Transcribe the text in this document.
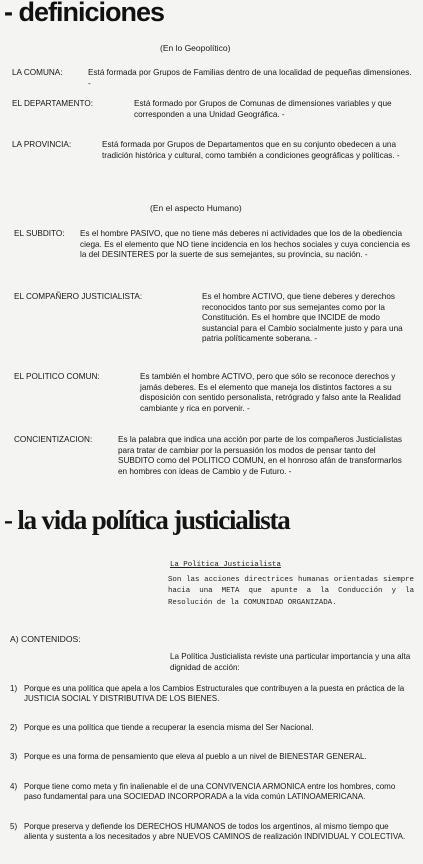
- definiciones
(En lo Geopolítico)
LA COMUNA:	Está formada por Grupos de Familias dentro de una localidad de pequeñas dimensiones. -
EL DEPARTAMENTO:	Está formado por Grupos de Comunas de dimensiones variables y que corresponden a una Unidad Geográfica. -
LA PROVINCIA:	Está formada por Grupos de Departamentos que en su conjunto obedecen a una tradición histórica y cultural, como también a condiciones geográficas y políticas. -
(En el aspecto Humano)
EL SUBDITO: Es el hombre PASIVO, que no tiene más deberes ni actividades que los de la obediencia ciega. Es el elemento que NO tiene incidencia en los hechos sociales y cuya conciencia es la del DESINTERES por la suerte de sus semejantes, su provincia, su nación. -
EL COMPAÑERO JUSTICIALISTA:	Es el hombre ACTIVO, que tiene deberes y derechos reconocidos tanto por sus semejantes como por la Constitución. Es el hombre que INCIDE de modo sustancial para el Cambio socialmente justo y para una patria políticamente soberana. -
EL POLITICO COMUN:	Es también el hombre ACTIVO, pero que sólo se reconoce derechos y jamás deberes. Es el elemento que maneja los distintos factores a su disposición con sentido personalista, retrógrado y falso ante la Realidad cambiante y rica en porvenir. -
CONCIENTIZACION:	Es la palabra que indica una acción por parte de los compañeros Justicialistas para tratar de cambiar por la persuasión los modos de pensar tanto del SUBDITO como del POLITICO COMUN, en el honroso afán de transformarlos en hombres con ideas de Cambio y de Futuro. -
- la vida política justicialista
La Política Justicialista
Son las acciones directrices humanas orientadas siempre hacia una META que apunte a la Conducción y la Resolución de la COMUNIDAD ORGANIZADA.
A) CONTENIDOS:
La Política Justicialista reviste una particular importancia y una alta dignidad de acción:
1) Porque es una política que apela a los Cambios Estructurales que contribuyen a la puesta en práctica de la JUSTICIA SOCIAL Y DISTRIBUTIVA DE LOS BIENES.
2) Porque es una política que tiende a recuperar la esencia misma del Ser Nacional.
3) Porque es una forma de pensamiento que eleva al pueblo a un nivel de BIENESTAR GENERAL.
4) Porque tiene como meta y fin inalienable el de una CONVIVENCIA ARMONICA entre los hombres, como paso fundamental para una SOCIEDAD INCORPORADA a la vida común LATINOAMERICANA.
5) Porque preserva y defiende los DERECHOS HUMANOS de todos los argentinos, al mismo tiempo que alienta y sustenta a los necesitados y abre NUEVOS CAMINOS de realización INDIVIDUAL Y COLECTIVA.
